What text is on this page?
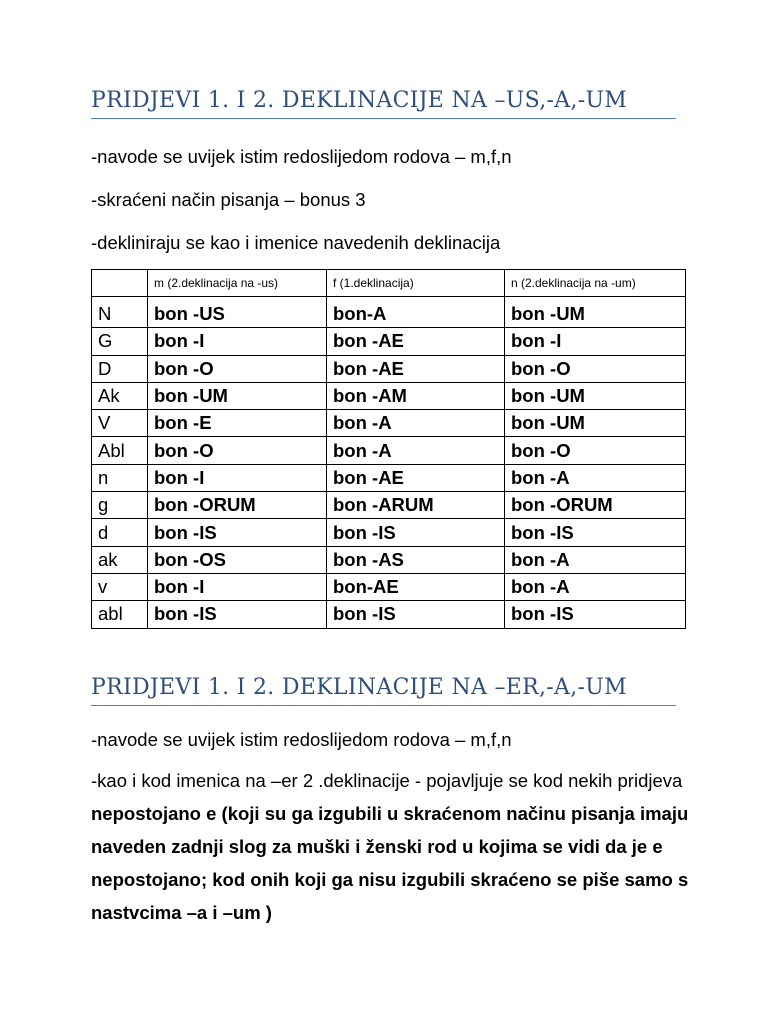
PRIDJEVI 1. I 2. DEKLINACIJE NA –US,-A,-UM
-navode se uvijek istim redoslijedom rodova – m,f,n
-skraćeni način pisanja – bonus 3
-dekliniraju se kao i imenice navedenih deklinacija
	m (2.deklinacija na -us)	f (1.deklinacija)	n (2.deklinacija na -um)
N	bon -US	bon-A	bon -UM
G	bon -I	bon -AE	bon -I
D	bon -O	bon -AE	bon -O
Ak	bon -UM	bon -AM	bon -UM
V	bon -E	bon -A	bon -UM
Abl	bon -O	bon -A	bon -O
n	bon -I	bon -AE	bon -A
g	bon -ORUM	bon -ARUM	bon -ORUM
d	bon -IS	bon -IS	bon -IS
ak	bon -OS	bon -AS	bon -A
v	bon -I	bon-AE	bon -A
abl	bon -IS	bon -IS	bon -IS
PRIDJEVI 1. I 2. DEKLINACIJE NA –ER,-A,-UM
-navode se uvijek istim redoslijedom rodova – m,f,n
-kao i kod imenica na –er 2 .deklinacije - pojavljuje se kod nekih pridjeva nepostojano e (koji su ga izgubili u skraćenom načinu pisanja imaju naveden zadnji slog za muški i ženski rod u kojima se vidi da je e nepostojano; kod onih koji ga nisu izgubili skraćeno se piše samo s nastvcima –a i –um )
